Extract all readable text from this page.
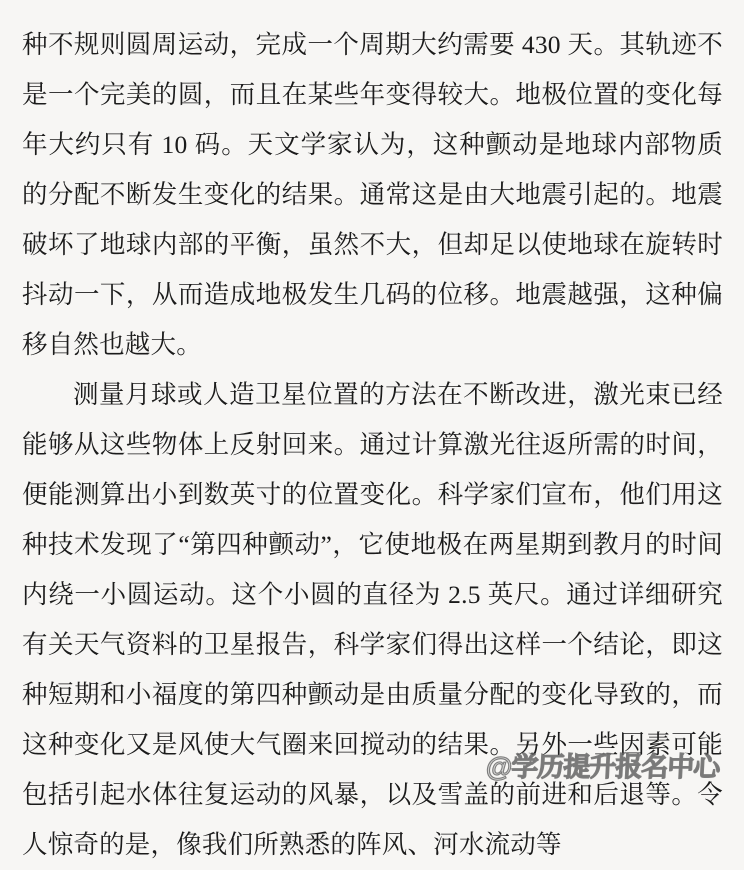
种不规则圆周运动，完成一个周期大约需要 430 天。其轨迹不是一个完美的圆，而且在某些年变得较大。地极位置的变化每年大约只有 10 码。天文学家认为，这种颤动是地球内部物质的分配不断发生变化的结果。通常这是由大地震引起的。地震破坏了地球内部的平衡，虽然不大，但却足以使地球在旋转时抖动一下，从而造成地极发生几码的位移。地震越强，这种偏移自然也越大。

测量月球或人造卫星位置的方法在不断改进，激光束已经能够从这些物体上反射回来。通过计算激光往返所需的时间，便能测算出小到数英寸的位置变化。科学家们宣布，他们用这种技术发现了“第四种颤动”，它使地极在两星期到教月的时间内绕一小圆运动。这个小圆的直径为 2.5 英尺。通过详细研究有关天气资料的卫星报告，科学家们得出这样一个结论，即这种短期和小福度的第四种颤动是由质量分配的变化导致的，而这种变化又是风使大气圈来回搅动的结果。另外一些因素可能包括引起水体往复运动的风暴，以及雪盖的前进和后退等。令人惊奇的是，像我们所熟悉的阵风、河水流动等

@学历提升报名中心
